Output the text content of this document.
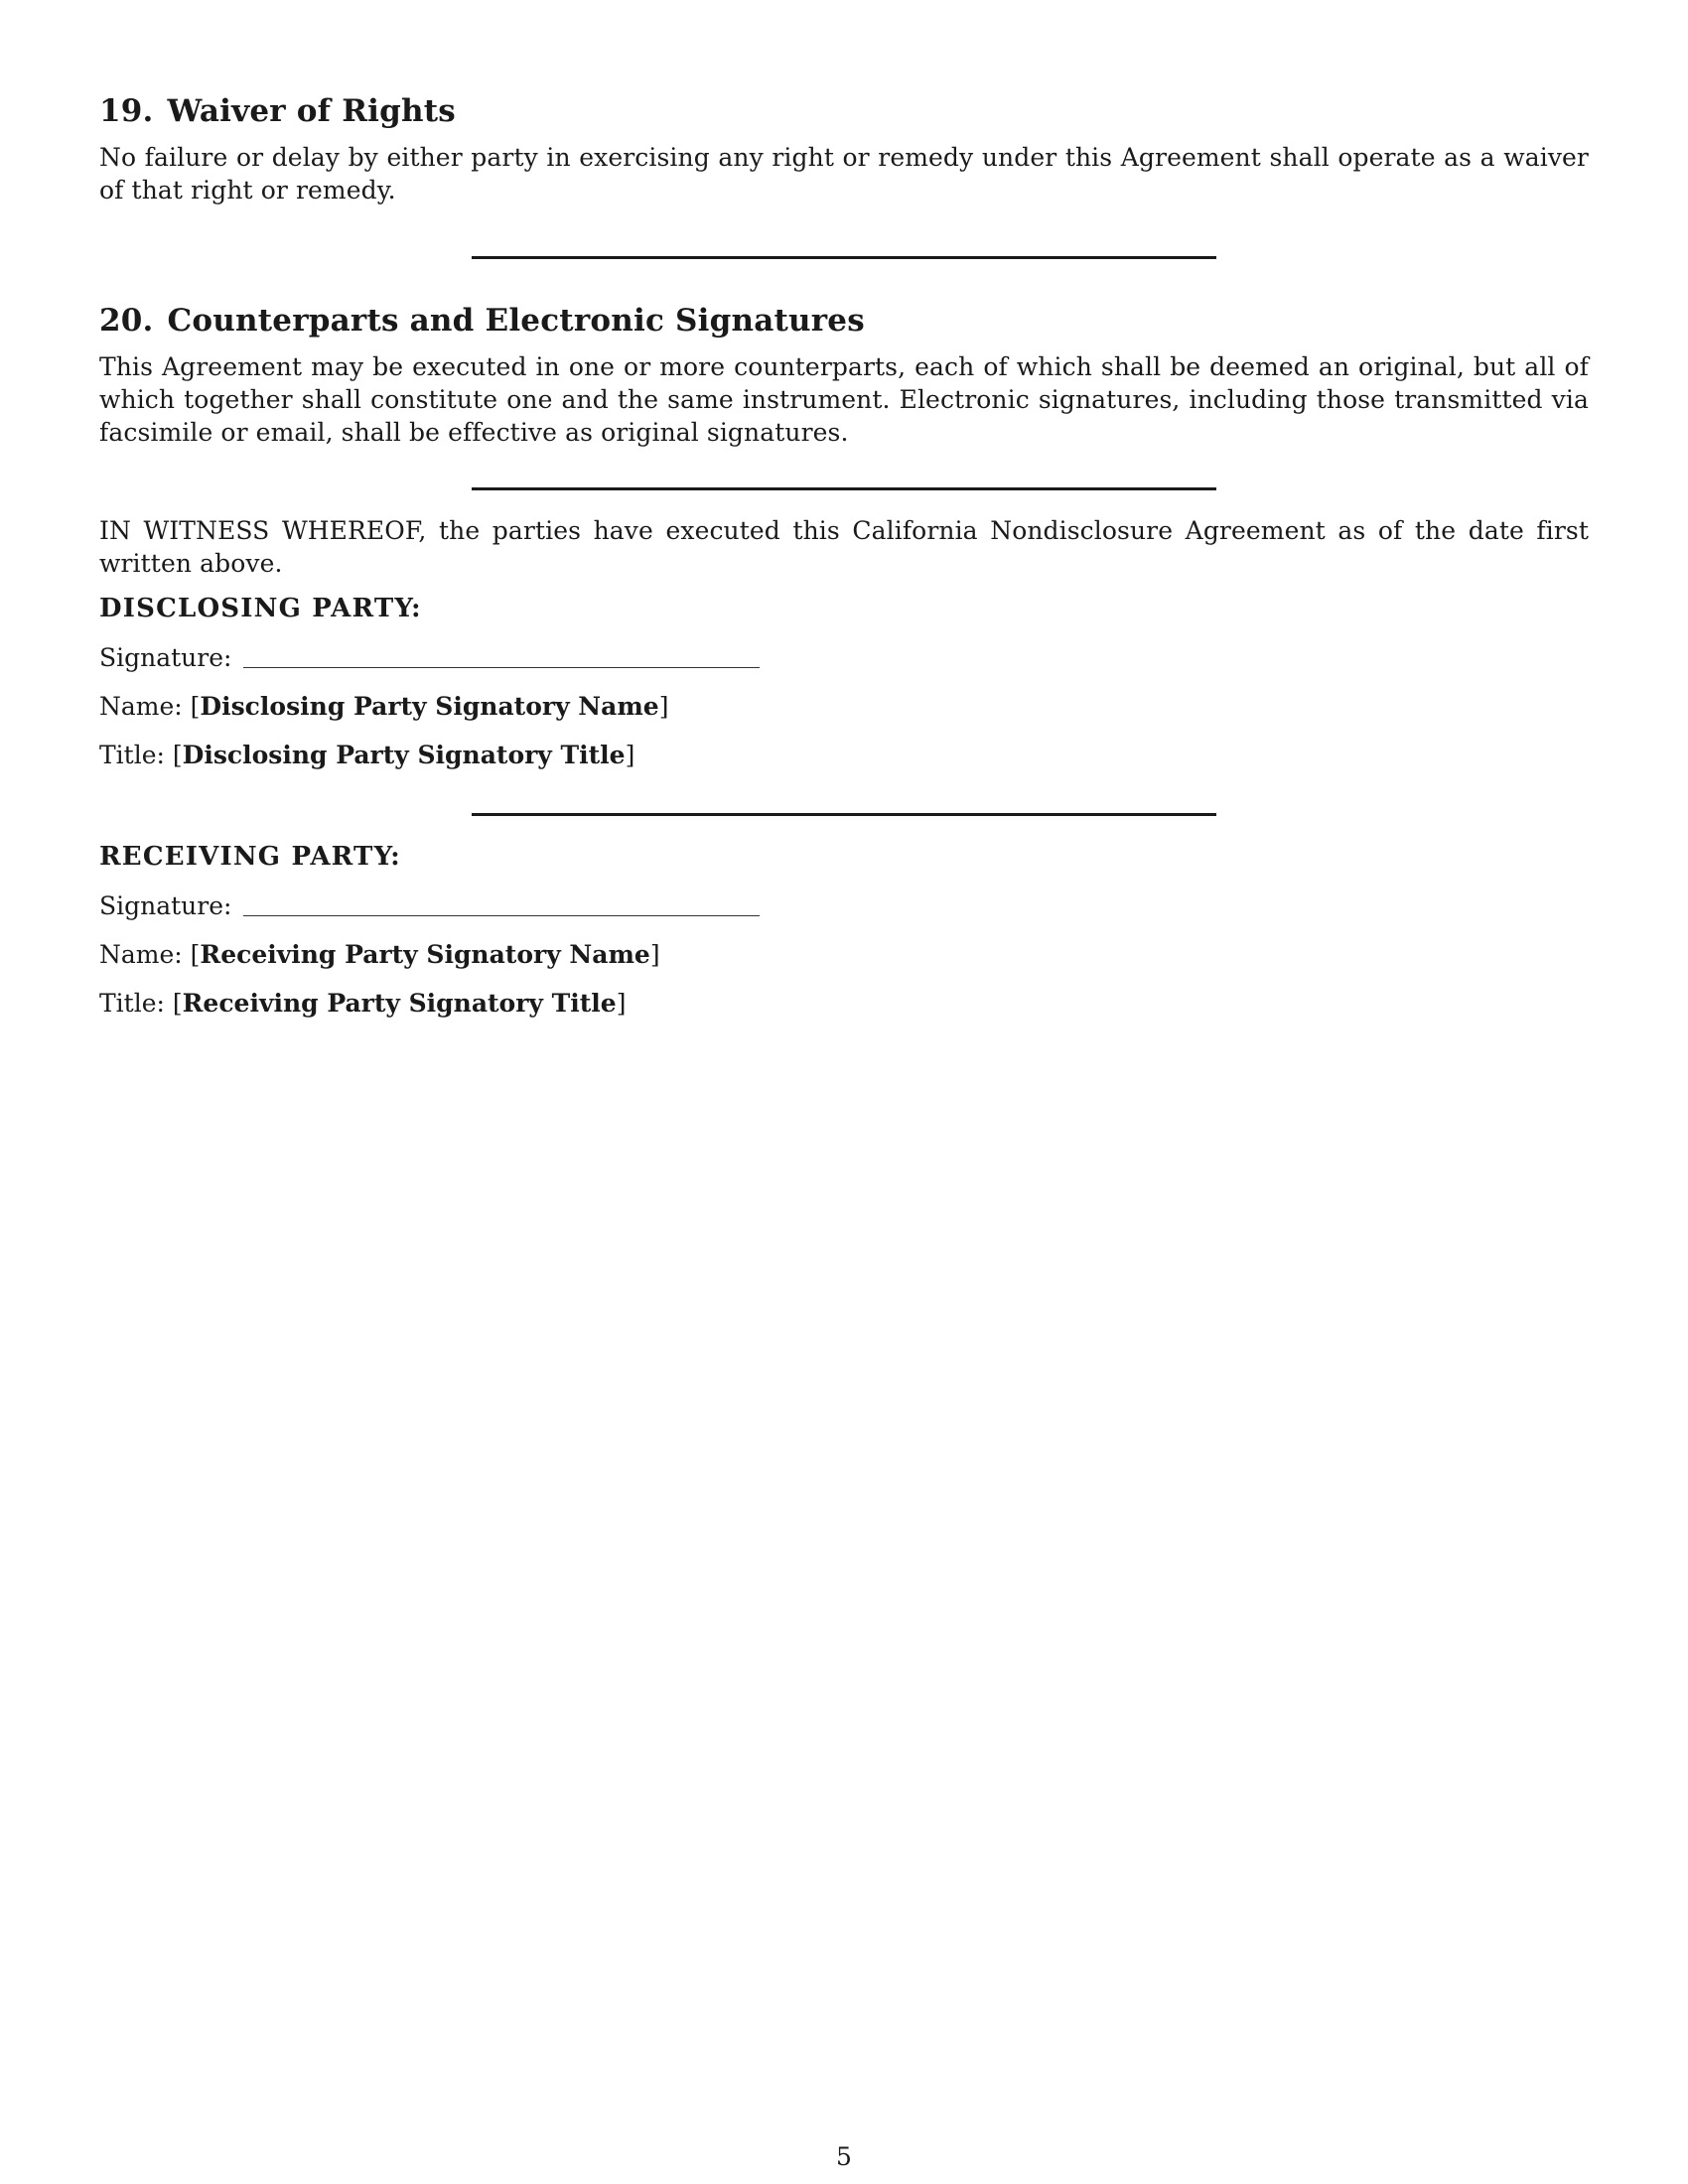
19. Waiver of Rights

No failure or delay by either party in exercising any right or remedy under this Agreement shall operate as a waiver of that right or remedy.

20. Counterparts and Electronic Signatures

This Agreement may be executed in one or more counterparts, each of which shall be deemed an original, but all of which together shall constitute one and the same instrument. Electronic signatures, including those transmitted via facsimile or email, shall be effective as original signatures.

IN WITNESS WHEREOF, the parties have executed this California Nondisclosure Agreement as of the date first written above.

DISCLOSING PARTY:

Signature:

Name: [Disclosing Party Signatory Name]

Title: [Disclosing Party Signatory Title]

RECEIVING PARTY:

Signature:

Name: [Receiving Party Signatory Name]

Title: [Receiving Party Signatory Title]

5
